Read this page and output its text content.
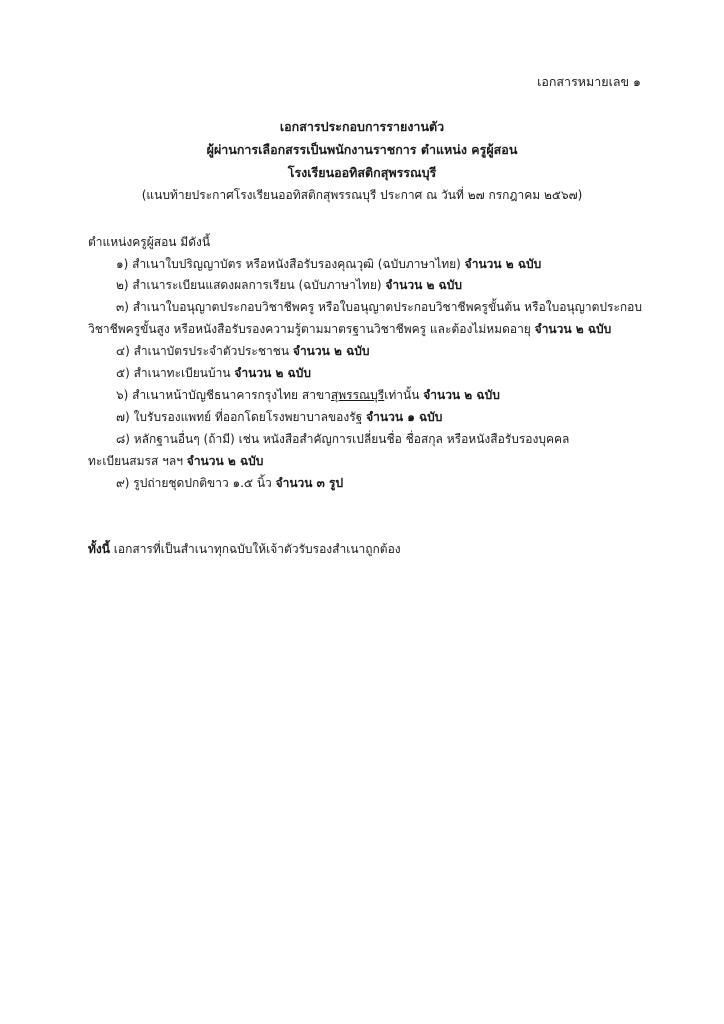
เอกสารหมายเลข ๑
เอกสารประกอบการรายงานตัว
ผู้ผ่านการเลือกสรรเป็นพนักงานราชการ ตำแหน่ง ครูผู้สอน
โรงเรียนออทิสติกสุพรรณบุรี
(แนบท้ายประกาศโรงเรียนออทิสติกสุพรรณบุรี ประกาศ ณ วันที่ ๒๗ กรกฎาคม ๒๕๖๗)
ตำแหน่งครูผู้สอน มีดังนี้
๑) สำเนาใบปริญญาบัตร หรือหนังสือรับรองคุณวุฒิ (ฉบับภาษาไทย) จำนวน ๒ ฉบับ
๒) สำเนาระเบียนแสดงผลการเรียน (ฉบับภาษาไทย) จำนวน ๒ ฉบับ
๓) สำเนาใบอนุญาตประกอบวิชาชีพครู หรือใบอนุญาตประกอบวิชาชีพครูขั้นต้น หรือใบอนุญาตประกอบ
วิชาชีพครูขั้นสูง หรือหนังสือรับรองความรู้ตามมาตรฐานวิชาชีพครู และต้องไม่หมดอายุ จำนวน ๒ ฉบับ
๔) สำเนาบัตรประจำตัวประชาชน จำนวน ๒ ฉบับ
๕) สำเนาทะเบียนบ้าน จำนวน ๒ ฉบับ
๖) สำเนาหน้าบัญชีธนาคารกรุงไทย สาขาสุพรรณบุรีเท่านั้น จำนวน ๒ ฉบับ
๗) ใบรับรองแพทย์ ที่ออกโดยโรงพยาบาลของรัฐ จำนวน ๑ ฉบับ
๘) หลักฐานอื่นๆ (ถ้ามี) เช่น หนังสือสำคัญการเปลี่ยนชื่อ ชื่อสกุล หรือหนังสือรับรองบุคคล
ทะเบียนสมรส ฯลฯ จำนวน ๒ ฉบับ
๙) รูปถ่ายชุดปกติขาว ๑.๕ นิ้ว จำนวน ๓ รูป
ทั้งนี้ เอกสารที่เป็นสำเนาทุกฉบับให้เจ้าตัวรับรองสำเนาถูกต้อง
